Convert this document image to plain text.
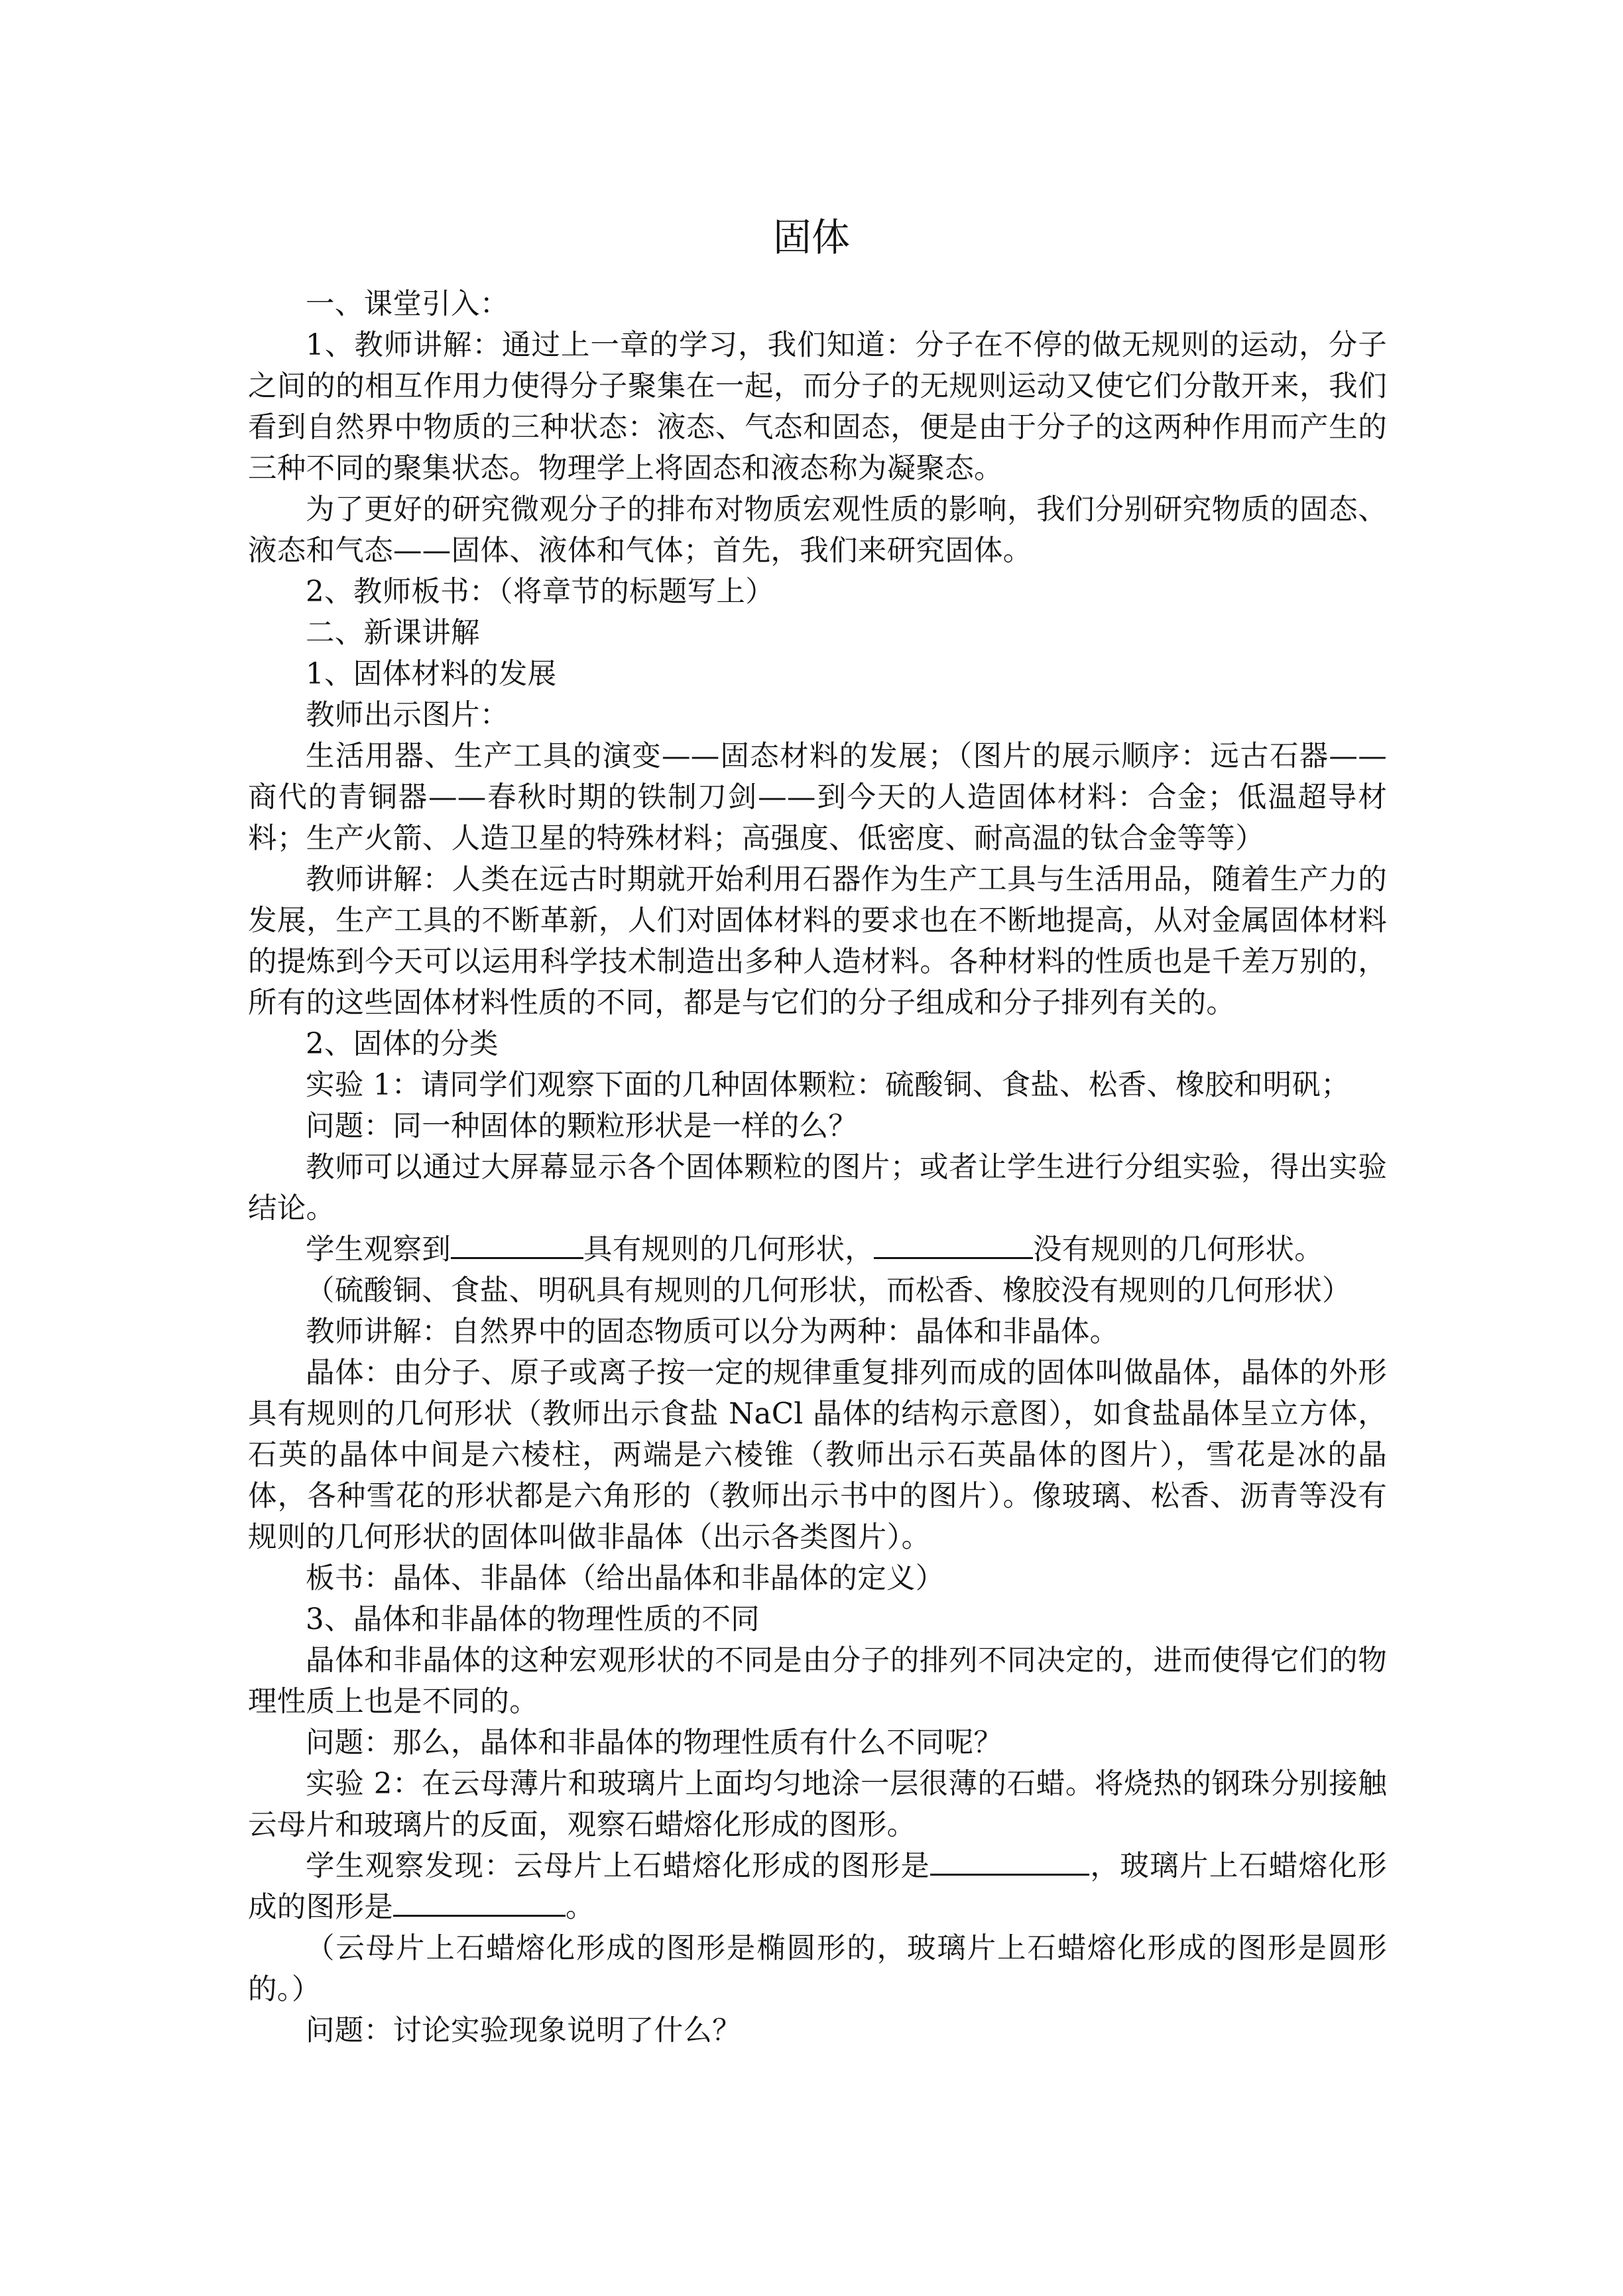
固体

一、课堂引入：

1、教师讲解：通过上一章的学习，我们知道：分子在不停的做无规则的运动，分子之间的的相互作用力使得分子聚集在一起，而分子的无规则运动又使它们分散开来，我们看到自然界中物质的三种状态：液态、气态和固态，便是由于分子的这两种作用而产生的三种不同的聚集状态。物理学上将固态和液态称为凝聚态。

为了更好的研究微观分子的排布对物质宏观性质的影响，我们分别研究物质的固态、液态和气态——固体、液体和气体；首先，我们来研究固体。

2、教师板书：（将章节的标题写上）

二、新课讲解

1、固体材料的发展

教师出示图片：

生活用器、生产工具的演变——固态材料的发展；（图片的展示顺序：远古石器——商代的青铜器——春秋时期的铁制刀剑——到今天的人造固体材料：合金；低温超导材料；生产火箭、人造卫星的特殊材料；高强度、低密度、耐高温的钛合金等等）

教师讲解：人类在远古时期就开始利用石器作为生产工具与生活用品，随着生产力的发展，生产工具的不断革新，人们对固体材料的要求也在不断地提高，从对金属固体材料的提炼到今天可以运用科学技术制造出多种人造材料。各种材料的性质也是千差万别的，所有的这些固体材料性质的不同，都是与它们的分子组成和分子排列有关的。

2、固体的分类

实验 1：请同学们观察下面的几种固体颗粒：硫酸铜、食盐、松香、橡胶和明矾；

问题：同一种固体的颗粒形状是一样的么？

教师可以通过大屏幕显示各个固体颗粒的图片；或者让学生进行分组实验，得出实验结论。

学生观察到	具有规则的几何形状，	没有规则的几何形状。

（硫酸铜、食盐、明矾具有规则的几何形状，而松香、橡胶没有规则的几何形状）

教师讲解：自然界中的固态物质可以分为两种：晶体和非晶体。

晶体：由分子、原子或离子按一定的规律重复排列而成的固体叫做晶体，晶体的外形具有规则的几何形状（教师出示食盐 NaCl 晶体的结构示意图），如食盐晶体呈立方体，石英的晶体中间是六棱柱，两端是六棱锥（教师出示石英晶体的图片），雪花是冰的晶体，各种雪花的形状都是六角形的（教师出示书中的图片）。像玻璃、松香、沥青等没有规则的几何形状的固体叫做非晶体（出示各类图片）。

板书：晶体、非晶体（给出晶体和非晶体的定义）

3、晶体和非晶体的物理性质的不同

晶体和非晶体的这种宏观形状的不同是由分子的排列不同决定的，进而使得它们的物理性质上也是不同的。

问题：那么，晶体和非晶体的物理性质有什么不同呢？

实验 2：在云母薄片和玻璃片上面均匀地涂一层很薄的石蜡。将烧热的钢珠分别接触云母片和玻璃片的反面，观察石蜡熔化形成的图形。

学生观察发现：云母片上石蜡熔化形成的图形是	，玻璃片上石蜡熔化形成的图形是	。

（云母片上石蜡熔化形成的图形是椭圆形的，玻璃片上石蜡熔化形成的图形是圆形的。）

问题：讨论实验现象说明了什么？
